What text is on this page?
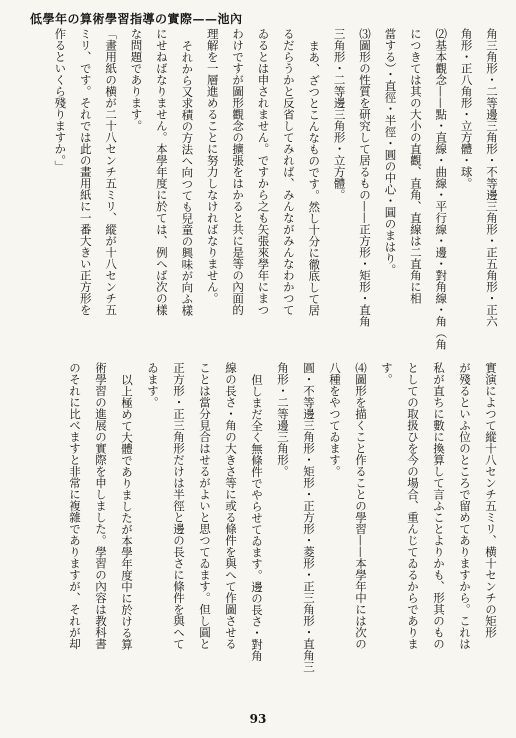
低學年の算術學習指導の實際——池內
角三角形・二等邊三角形・不等邊三角形・正五角形・正六
角形・正八角形・立方體・球。
⑵基本觀念——點・直線・曲線・平行線・邊・對角線・角（角
につきては其の大小の直觀、直角、直線は二直角に相
當する）・直徑・半徑・圓の中心・圓のまはり。
⑶圖形の性質を研究して居るもの——正方形・矩形・直角
三角形・二等邊三角形・立方體。
まあ、ざつとこんなものです。然し十分に徹底して居
るだらうかと反省してみれば、みんながみんなわかつて
ゐるとは申されません。ですから之も矢張來學年にまつ
わけですが圖形觀念の擴張をはかると共に是等の內面的
理解を一層進めることに努力しなければなりません。
それから又求積の方法へ向つても兒童の興味が向ふ樣
にせねばなりません。本學年度に於ては、例へば次の樣
な問題であります。
「畫用紙の横が二十八センチ五ミリ、縱が十八センチ五
ミリ、です。それでは此の畫用紙に一番大きい正方形を
作るといくら殘りますか。」
實演によつて縱十八センチ五ミリ、横十センチの矩形
が殘るといふ位のところで留めてありますから。これは
私が直ちに數に換算して言ふことよりかも、形其のもの
としての取扱ひを今の場合、重んじてゐるからでありま
す。
⑷圖形を描くこと作ることの學習——本學年中には次の
八種をやつてゐます。
圓・不等邊三角形・矩形・正方形・菱形・正三角形・直角三
角形・二等邊三角形。
但しまだ全く無條件でやらせてゐます。邊の長さ・對角
線の長さ・角の大きさ等に或る條件を與へて作圖させる
ことは當分見合はせるがよいと思つてゐます。但し圓と
正方形・正三角形だけは半徑と邊の長さに條件を與へて
ゐます。
以上極めて大體でありましたが本學年度中に於ける算
術學習の進展の實際を申しました。學習の內容は教科書
のそれに比べますと非常に複雜でありますが、それが却
93
